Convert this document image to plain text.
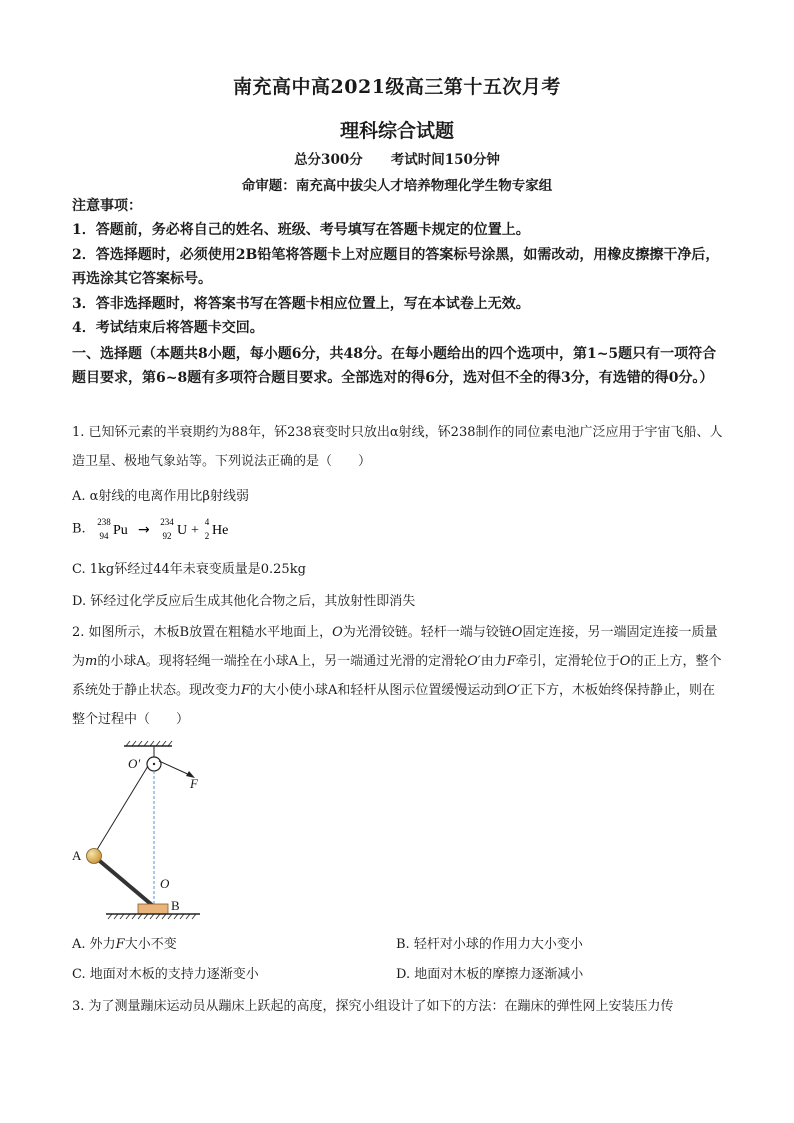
南充高中高2021级高三第十五次月考
理科综合试题
总分300分 考试时间150分钟
命审题：南充高中拔尖人才培养物理化学生物专家组
注意事项：
1．答题前，务必将自己的姓名、班级、考号填写在答题卡规定的位置上。
2．答选择题时，必须使用2B铅笔将答题卡上对应题目的答案标号涂黑，如需改动，用橡皮擦擦干净后，再选涂其它答案标号。
3．答非选择题时，将答案书写在答题卡相应位置上，写在本试卷上无效。
4．考试结束后将答题卡交回。
一、选择题（本题共8小题，每小题6分，共48分。在每小题给出的四个选项中，第1~5题只有一项符合题目要求，第6~8题有多项符合题目要求。全部选对的得6分，选对但不全的得3分，有选错的得0分。）
1. 已知钚元素的半衰期约为88年，钚238衰变时只放出α射线，钚238制作的同位素电池广泛应用于宇宙飞船、人造卫星、极地气象站等。下列说法正确的是（　　）
A. α射线的电离作用比β射线弱
B. 238
94 Pu → 234
92 U +
4
2 He
C. 1kg钚经过44年未衰变质量是0.25kg
D. 钚经过化学反应后生成其他化合物之后，其放射性即消失
2. 如图所示，木板B放置在粗糙水平地面上，O为光滑铰链。轻杆一端与铰链O固定连接，另一端固定连接一质量为m的小球A。现将轻绳一端拴在小球A上，另一端通过光滑的定滑轮O′由力F牵引，定滑轮位于O的正上方，整个系统处于静止状态。现改变力F的大小使小球A和轻杆从图示位置缓慢运动到O′正下方，木板始终保持静止，则在整个过程中（　　）
O′
F
A
O
B
A. 外力F大小不变	B. 轻杆对小球的作用力大小变小
C. 地面对木板的支持力逐渐变小	D. 地面对木板的摩擦力逐渐减小
3. 为了测量蹦床运动员从蹦床上跃起的高度，探究小组设计了如下的方法：在蹦床的弹性网上安装压力传
